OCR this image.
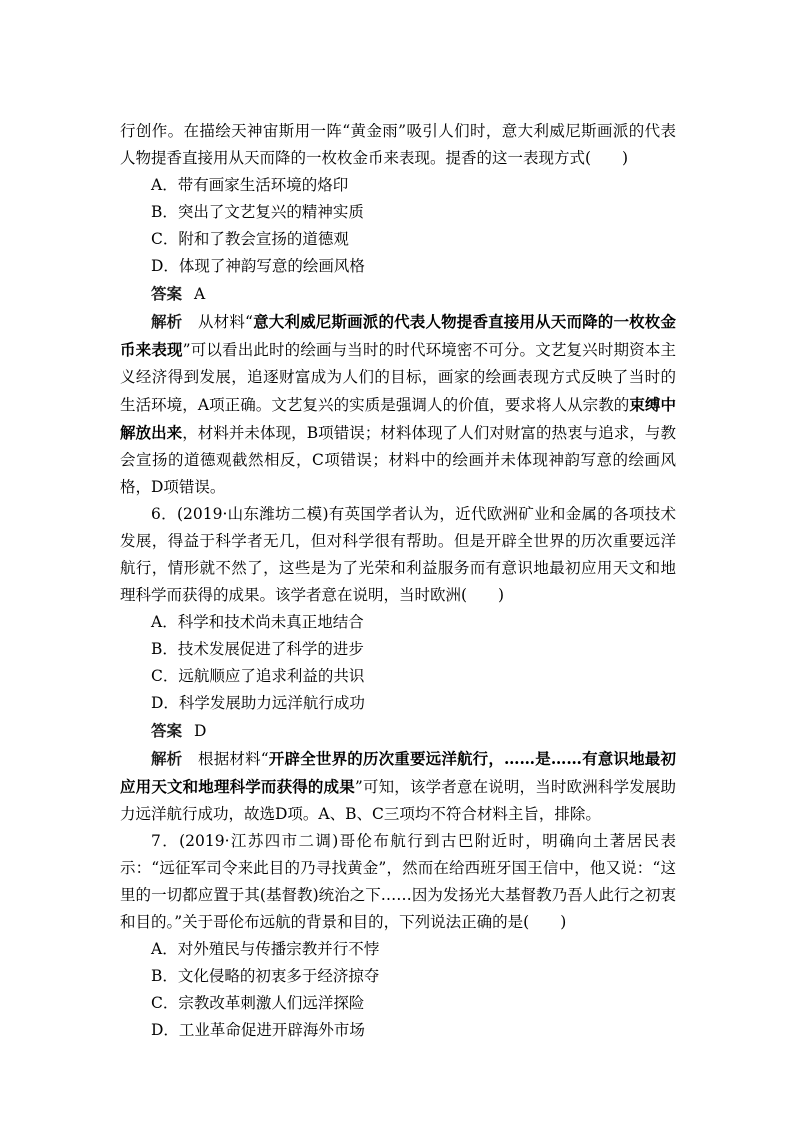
行创作。在描绘天神宙斯用一阵“黄金雨”吸引人们时，意大利威尼斯画派的代表人物提香直接用从天而降的一枚枚金币来表现。提香的这一表现方式(　　)

A．带有画家生活环境的烙印

B．突出了文艺复兴的精神实质

C．附和了教会宣扬的道德观

D．体现了神韵写意的绘画风格

答案 A

解析　 从材料“意大利威尼斯画派的代表人物提香直接用从天而降的一枚枚金币来表现”可以看出此时的绘画与当时的时代环境密不可分。文艺复兴时期资本主义经济得到发展，追逐财富成为人们的目标，画家的绘画表现方式反映了当时的生活环境，A项正确。文艺复兴的实质是强调人的价值，要求将人从宗教的束缚中解放出来，材料并未体现，B项错误；材料体现了人们对财富的热衷与追求，与教会宣扬的道德观截然相反，C项错误；材料中的绘画并未体现神韵写意的绘画风格，D项错误。

6．(2019·山东潍坊二模)有英国学者认为，近代欧洲矿业和金属的各项技术发展，得益于科学者无几，但对科学很有帮助。但是开辟全世界的历次重要远洋航行，情形就不然了，这些是为了光荣和利益服务而有意识地最初应用天文和地理科学而获得的成果。该学者意在说明，当时欧洲(　　)

A．科学和技术尚未真正地结合

B．技术发展促进了科学的进步

C．远航顺应了追求利益的共识

D．科学发展助力远洋航行成功

答案 D

解析　 根据材料“开辟全世界的历次重要远洋航行，……是……有意识地最初应用天文和地理科学而获得的成果”可知，该学者意在说明，当时欧洲科学发展助力远洋航行成功，故选D项。A、B、C三项均不符合材料主旨，排除。

7．(2019·江苏四市二调)哥伦布航行到古巴附近时，明确向土著居民表示：“远征军司令来此目的乃寻找黄金”，然而在给西班牙国王信中，他又说：“这里的一切都应置于其(基督教)统治之下……因为发扬光大基督教乃吾人此行之初衷和目的。”关于哥伦布远航的背景和目的，下列说法正确的是(　　)

A．对外殖民与传播宗教并行不悖

B．文化侵略的初衷多于经济掠夺

C．宗教改革刺激人们远洋探险

D．工业革命促进开辟海外市场
